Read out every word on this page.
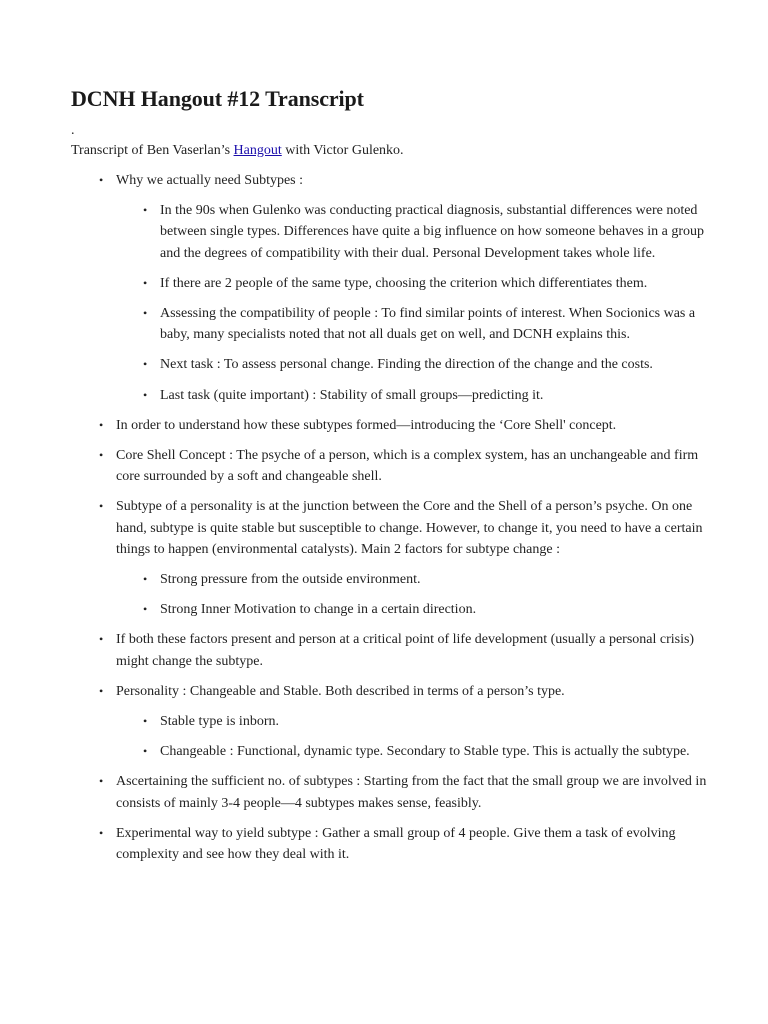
DCNH Hangout #12 Transcript
.

Transcript of Ben Vaserlan’s Hangout with Victor Gulenko.

• Why we actually need Subtypes :
• In the 90s when Gulenko was conducting practical diagnosis, substantial differences were noted between single types. Differences have quite a big influence on how someone behaves in a group and the degrees of compatibility with their dual. Personal Development takes whole life.
• If there are 2 people of the same type, choosing the criterion which differentiates them.
• Assessing the compatibility of people : To find similar points of interest. When Socionics was a baby, many specialists noted that not all duals get on well, and DCNH explains this.
• Next task : To assess personal change. Finding the direction of the change and the costs.
• Last task (quite important) : Stability of small groups—predicting it.
• In order to understand how these subtypes formed—introducing the ‘Core Shell' concept.
• Core Shell Concept : The psyche of a person, which is a complex system, has an unchangeable and firm core surrounded by a soft and changeable shell.
• Subtype of a personality is at the junction between the Core and the Shell of a person’s psyche. On one hand, subtype is quite stable but susceptible to change. However, to change it, you need to have a certain things to happen (environmental catalysts). Main 2 factors for subtype change :
• Strong pressure from the outside environment.
• Strong Inner Motivation to change in a certain direction.
• If both these factors present and person at a critical point of life development (usually a personal crisis) might change the subtype.
• Personality : Changeable and Stable. Both described in terms of a person’s type.
• Stable type is inborn.
• Changeable : Functional, dynamic type. Secondary to Stable type. This is actually the subtype.
• Ascertaining the sufficient no. of subtypes : Starting from the fact that the small group we are involved in consists of mainly 3-4 people—4 subtypes makes sense, feasibly.
• Experimental way to yield subtype : Gather a small group of 4 people. Give them a task of evolving complexity and see how they deal with it.
